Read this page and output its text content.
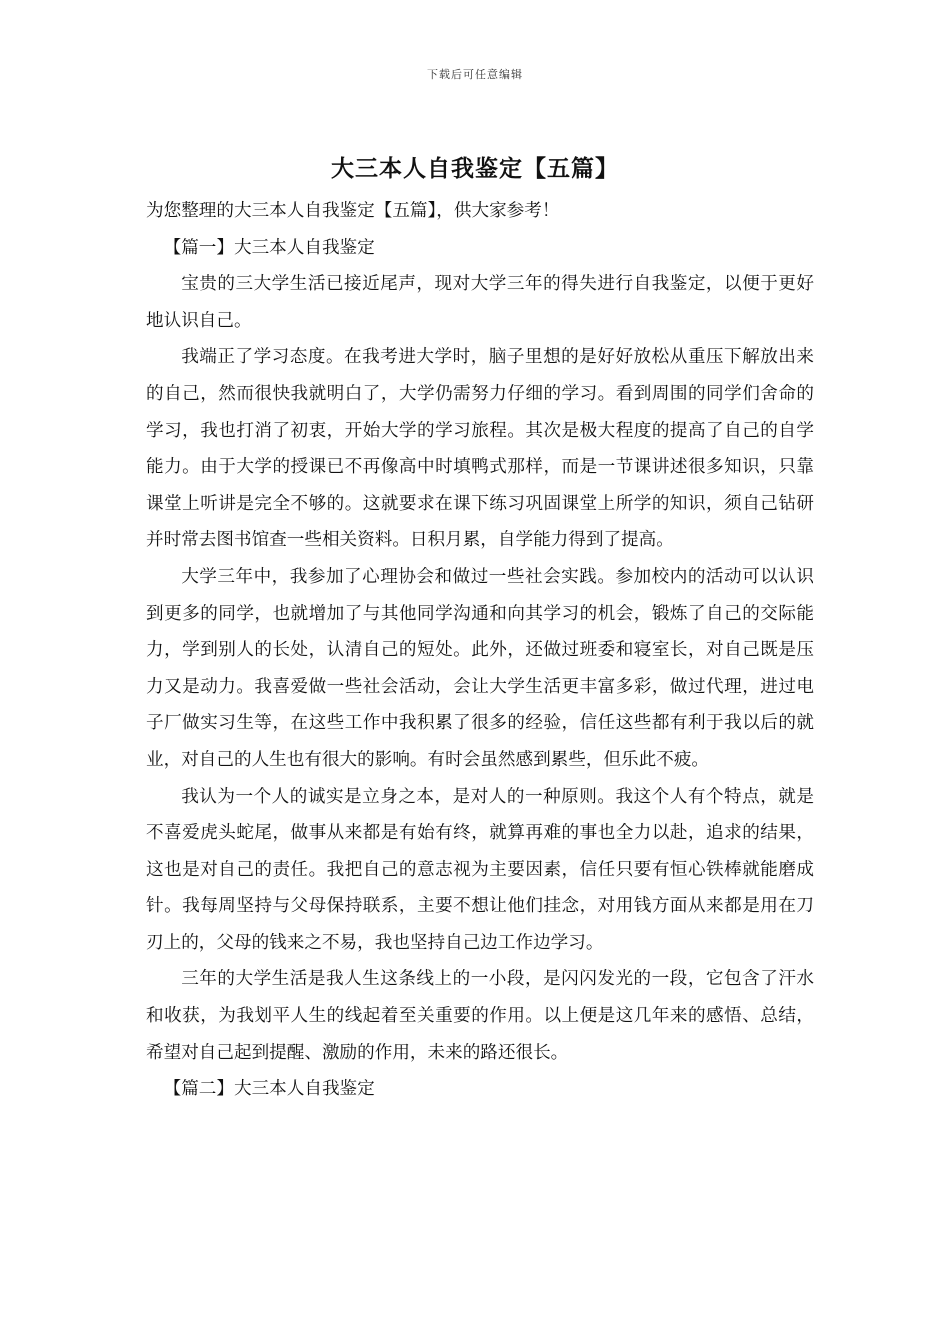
下载后可任意编辑
大三本人自我鉴定【五篇】

为您整理的大三本人自我鉴定【五篇】，供大家参考！

【篇一】大三本人自我鉴定

宝贵的三大学生活已接近尾声，现对大学三年的得失进行自我鉴定，以便于更好地认识自己。

我端正了学习态度。在我考进大学时，脑子里想的是好好放松从重压下解放出来的自己，然而很快我就明白了，大学仍需努力仔细的学习。看到周围的同学们舍命的学习，我也打消了初衷，开始大学的学习旅程。其次是极大程度的提高了自己的自学能力。由于大学的授课已不再像高中时填鸭式那样，而是一节课讲述很多知识，只靠课堂上听讲是完全不够的。这就要求在课下练习巩固课堂上所学的知识，须自己钻研并时常去图书馆查一些相关资料。日积月累，自学能力得到了提高。

大学三年中，我参加了心理协会和做过一些社会实践。参加校内的活动可以认识到更多的同学，也就增加了与其他同学沟通和向其学习的机会，锻炼了自己的交际能力，学到别人的长处，认清自己的短处。此外，还做过班委和寝室长，对自己既是压力又是动力。我喜爱做一些社会活动，会让大学生活更丰富多彩，做过代理，进过电子厂做实习生等，在这些工作中我积累了很多的经验，信任这些都有利于我以后的就业，对自己的人生也有很大的影响。有时会虽然感到累些，但乐此不疲。

我认为一个人的诚实是立身之本，是对人的一种原则。我这个人有个特点，就是不喜爱虎头蛇尾，做事从来都是有始有终，就算再难的事也全力以赴，追求的结果，这也是对自己的责任。我把自己的意志视为主要因素，信任只要有恒心铁棒就能磨成针。我每周坚持与父母保持联系，主要不想让他们挂念，对用钱方面从来都是用在刀刃上的，父母的钱来之不易，我也坚持自己边工作边学习。

三年的大学生活是我人生这条线上的一小段，是闪闪发光的一段，它包含了汗水和收获，为我划平人生的线起着至关重要的作用。以上便是这几年来的感悟、总结，希望对自己起到提醒、激励的作用，未来的路还很长。

【篇二】大三本人自我鉴定
